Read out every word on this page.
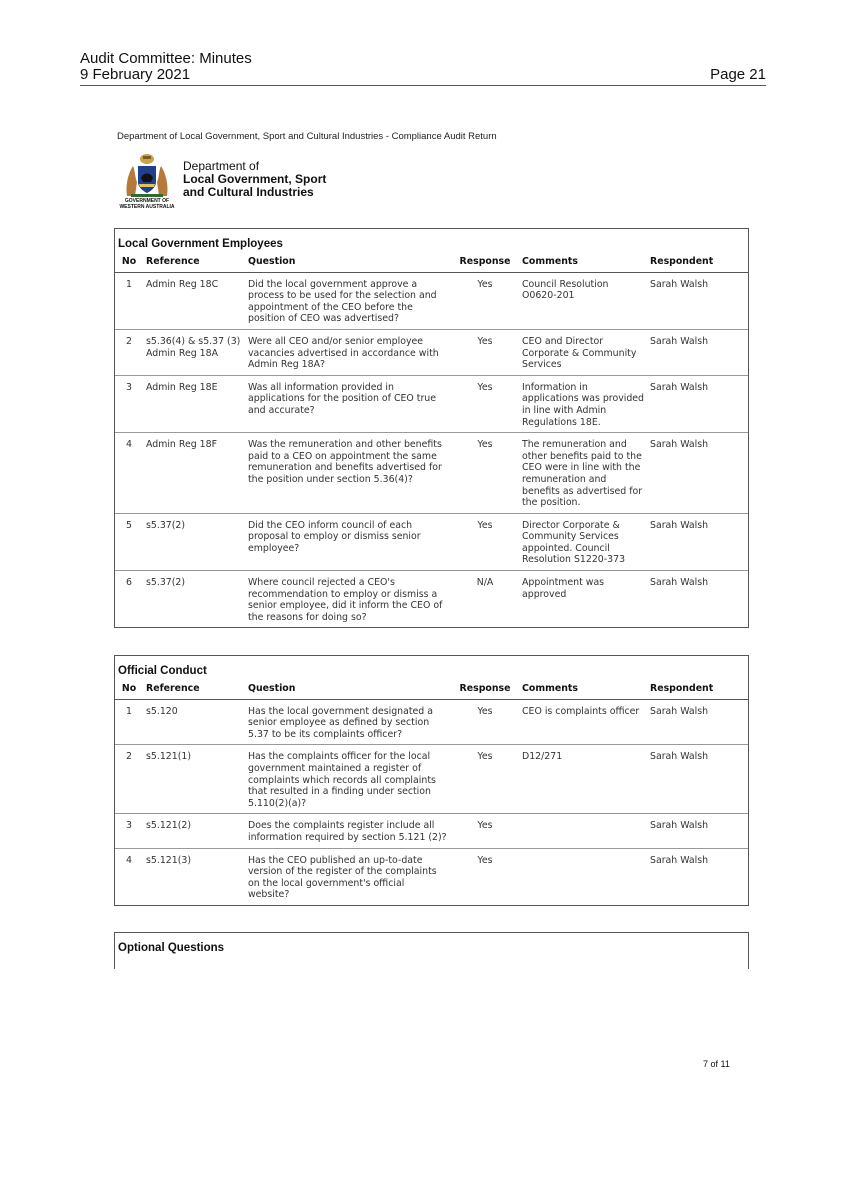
Audit Committee: Minutes
9 February 2021	Page 21
Department of Local Government, Sport and Cultural Industries - Compliance Audit Return
GOVERNMENT OF
WESTERN AUSTRALIA
Department of
Local Government, Sport
and Cultural Industries
Local Government Employees
No	Reference	Question	Response	Comments	Respondent
1	Admin Reg 18C	Did the local government approve a process to be used for the selection and appointment of the CEO before the position of CEO was advertised?	Yes	Council Resolution O0620-201	Sarah Walsh
2	s5.36(4) & s5.37 (3) Admin Reg 18A	Were all CEO and/or senior employee vacancies advertised in accordance with Admin Reg 18A?	Yes	CEO and Director Corporate & Community Services	Sarah Walsh
3	Admin Reg 18E	Was all information provided in applications for the position of CEO true and accurate?	Yes	Information in applications was provided in line with Admin Regulations 18E.	Sarah Walsh
4	Admin Reg 18F	Was the remuneration and other benefits paid to a CEO on appointment the same remuneration and benefits advertised for the position under section 5.36(4)?	Yes	The remuneration and other benefits paid to the CEO were in line with the remuneration and benefits as advertised for the position.	Sarah Walsh
5	s5.37(2)	Did the CEO inform council of each proposal to employ or dismiss senior employee?	Yes	Director Corporate & Community Services appointed. Council Resolution S1220-373	Sarah Walsh
6	s5.37(2)	Where council rejected a CEO's recommendation to employ or dismiss a senior employee, did it inform the CEO of the reasons for doing so?	N/A	Appointment was approved	Sarah Walsh
Official Conduct
No	Reference	Question	Response	Comments	Respondent
1	s5.120	Has the local government designated a senior employee as defined by section 5.37 to be its complaints officer?	Yes	CEO is complaints officer	Sarah Walsh
2	s5.121(1)	Has the complaints officer for the local government maintained a register of complaints which records all complaints that resulted in a finding under section 5.110(2)(a)?	Yes	D12/271	Sarah Walsh
3	s5.121(2)	Does the complaints register include all information required by section 5.121 (2)?	Yes		Sarah Walsh
4	s5.121(3)	Has the CEO published an up-to-date version of the register of the complaints on the local government's official website?	Yes		Sarah Walsh
Optional Questions
7 of 11
